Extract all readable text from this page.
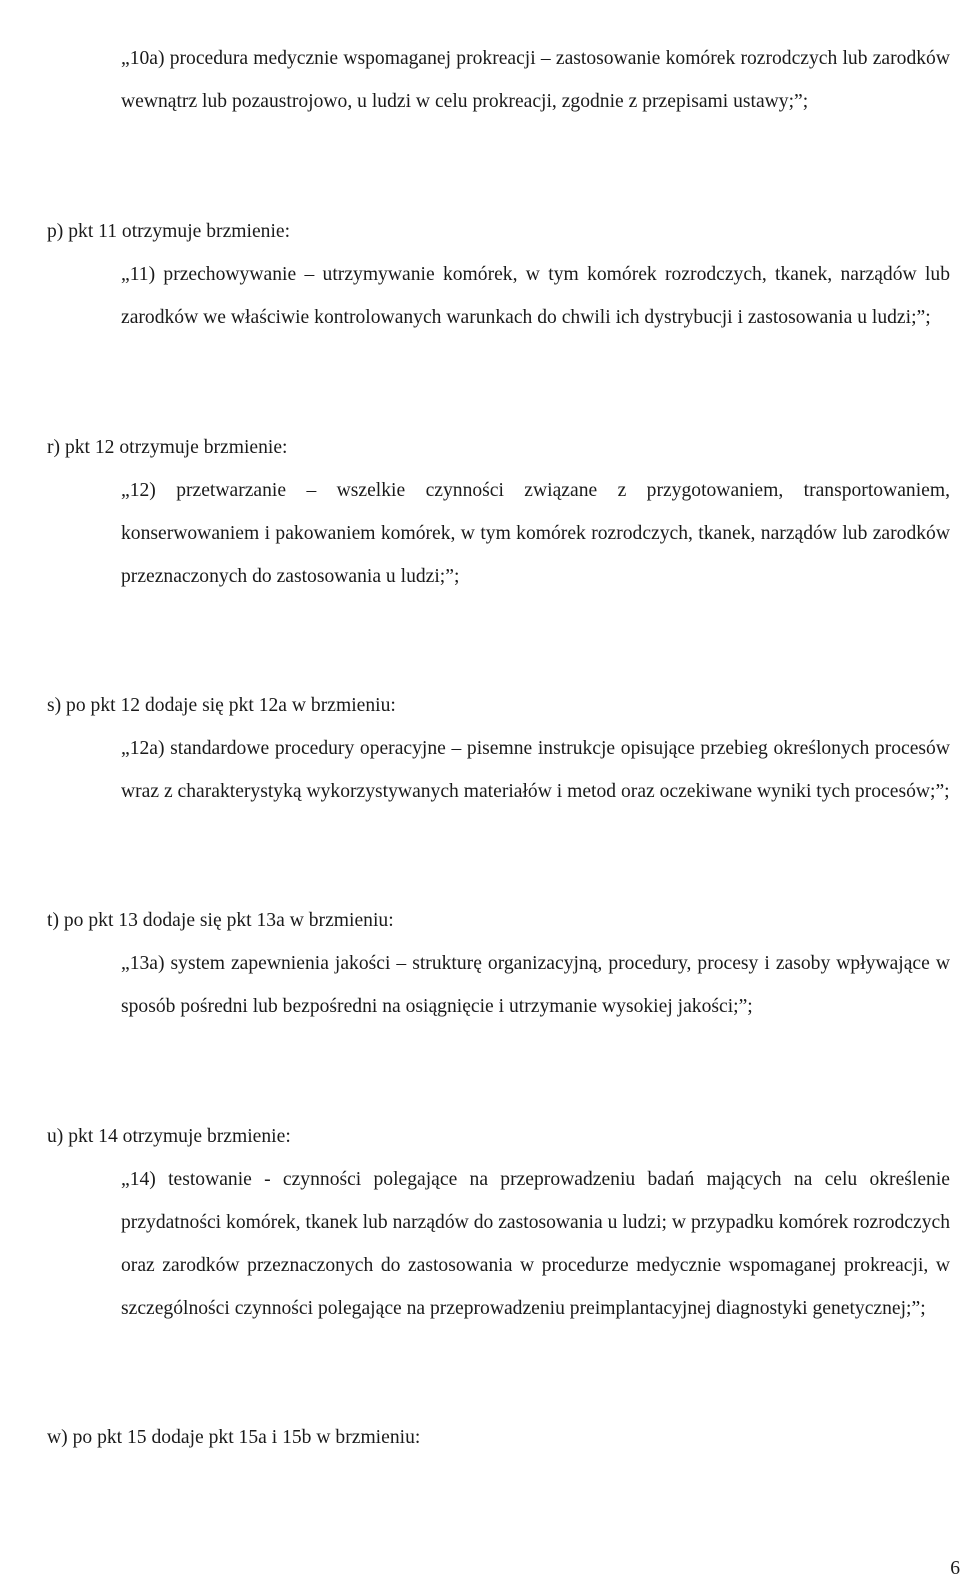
„10a) procedura medycznie wspomaganej prokreacji – zastosowanie komórek rozrodczych lub zarodków wewnątrz lub pozaustrojowo, u ludzi w celu prokreacji, zgodnie z przepisami ustawy;”;
p) pkt 11 otrzymuje brzmienie:
„11) przechowywanie – utrzymywanie komórek, w tym komórek rozrodczych, tkanek, narządów lub zarodków we właściwie kontrolowanych warunkach do chwili ich dystrybucji i zastosowania u ludzi;”;
r) pkt 12 otrzymuje brzmienie:
„12) przetwarzanie – wszelkie czynności związane z przygotowaniem, transportowaniem, konserwowaniem i pakowaniem komórek, w tym komórek rozrodczych, tkanek, narządów lub zarodków przeznaczonych do zastosowania u ludzi;”;
s) po pkt 12 dodaje się pkt 12a w brzmieniu:
„12a) standardowe procedury operacyjne – pisemne instrukcje opisujące przebieg określonych procesów wraz z charakterystyką wykorzystywanych materiałów i metod oraz oczekiwane wyniki tych procesów;”;
t) po pkt 13 dodaje się pkt 13a w brzmieniu:
„13a) system zapewnienia jakości – strukturę organizacyjną, procedury, procesy i zasoby wpływające w sposób pośredni lub bezpośredni na osiągnięcie i utrzymanie wysokiej jakości;”;
u) pkt 14 otrzymuje brzmienie:
„14) testowanie - czynności polegające na przeprowadzeniu badań mających na celu określenie przydatności komórek, tkanek lub narządów do zastosowania u ludzi; w przypadku komórek rozrodczych oraz zarodków przeznaczonych do zastosowania w procedurze medycznie wspomaganej prokreacji, w szczególności czynności polegające na przeprowadzeniu preimplantacyjnej diagnostyki genetycznej;”;
w) po pkt 15 dodaje pkt 15a i 15b w brzmieniu:
6
